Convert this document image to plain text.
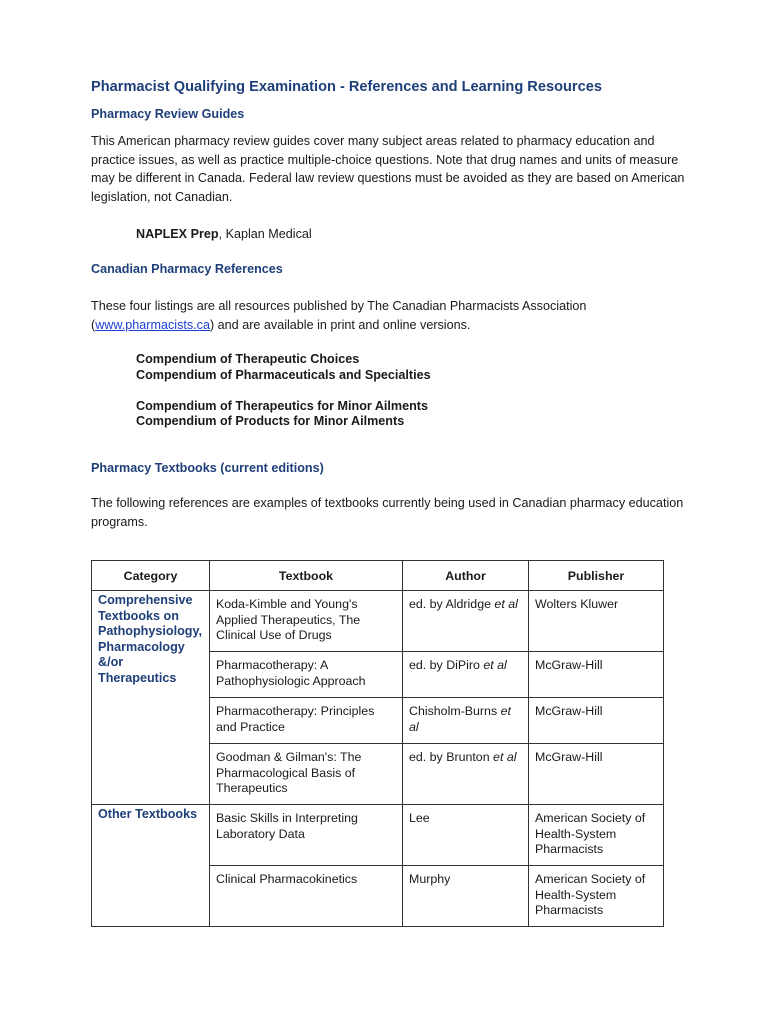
Pharmacist Qualifying Examination - References and Learning Resources
Pharmacy Review Guides
This American pharmacy review guides cover many subject areas related to pharmacy education and practice issues, as well as practice multiple-choice questions. Note that drug names and units of measure may be different in Canada. Federal law review questions must be avoided as they are based on American legislation, not Canadian.
NAPLEX Prep, Kaplan Medical
Canadian Pharmacy References
These four listings are all resources published by The Canadian Pharmacists Association (www.pharmacists.ca) and are available in print and online versions.
Compendium of Therapeutic Choices
Compendium of Pharmaceuticals and Specialties
Compendium of Therapeutics for Minor Ailments
Compendium of Products for Minor Ailments
Pharmacy Textbooks (current editions)
The following references are examples of textbooks currently being used in Canadian pharmacy education programs.
Category	Textbook	Author	Publisher
Comprehensive Textbooks on Pathophysiology, Pharmacology &/or Therapeutics	Koda-Kimble and Young's Applied Therapeutics, The Clinical Use of Drugs	ed. by Aldridge et al	Wolters Kluwer
	Pharmacotherapy: A Pathophysiologic Approach	ed. by DiPiro et al	McGraw-Hill
	Pharmacotherapy: Principles and Practice	Chisholm-Burns et al	McGraw-Hill
	Goodman & Gilman's: The Pharmacological Basis of Therapeutics	ed. by Brunton et al	McGraw-Hill
Other Textbooks	Basic Skills in Interpreting Laboratory Data	Lee	American Society of Health-System Pharmacists
	Clinical Pharmacokinetics	Murphy	American Society of Health-System Pharmacists
